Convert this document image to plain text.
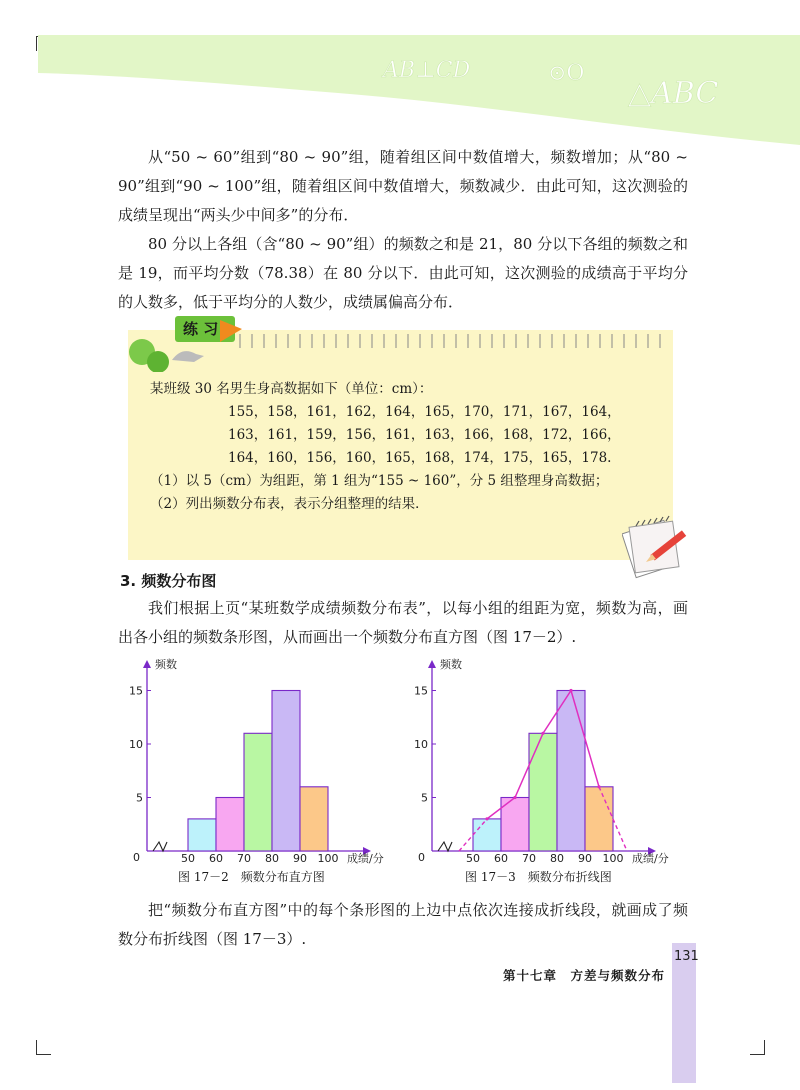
AB⊥CD	⊙O
△ABC

从“50 ~ 60”组到“80 ~ 90”组，随着组区间中数值增大，频数增加；从“80 ~ 90”组到“90 ~ 100”组，随着组区间中数值增大，频数减少．由此可知，这次测验的成绩呈现出“两头少中间多”的分布．

80 分以上各组（含“80 ~ 90”组）的频数之和是 21，80 分以下各组的频数之和是 19，而平均分数（78.38）在 80 分以下．由此可知，这次测验的成绩高于平均分的人数多，低于平均分的人数少，成绩属偏高分布．

练 习
某班级 30 名男生身高数据如下（单位：cm）：
155，158，161，162，164，165，170，171，167，164，
163，161，159，156，161，163，166，168，172，166，
164，160，156，160，165，168，174，175，165，178.
（1）以 5（cm）为组距，第 1 组为“155 ~ 160”，分 5 组整理身高数据；
（2）列出频数分布表，表示分组整理的结果．
3. 频数分布图

我们根据上页“某班数学成绩频数分布表”，以每小组的组距为宽，频数为高，画出各小组的频数条形图，从而画出一个频数分布直方图（图 17－2）.

频数
成绩/分
0
5
10
15
50 60 70 80 90 100
频数
成绩/分
0
5
10
15
50 60 70 80 90 100
图 17－2　频数分布直方图	图 17－3　频数分布折线图

把“频数分布直方图”中的每个条形图的上边中点依次连接成折线段，就画成了频数分布折线图（图 17－3）.

第十七章　方差与频数分布
131
